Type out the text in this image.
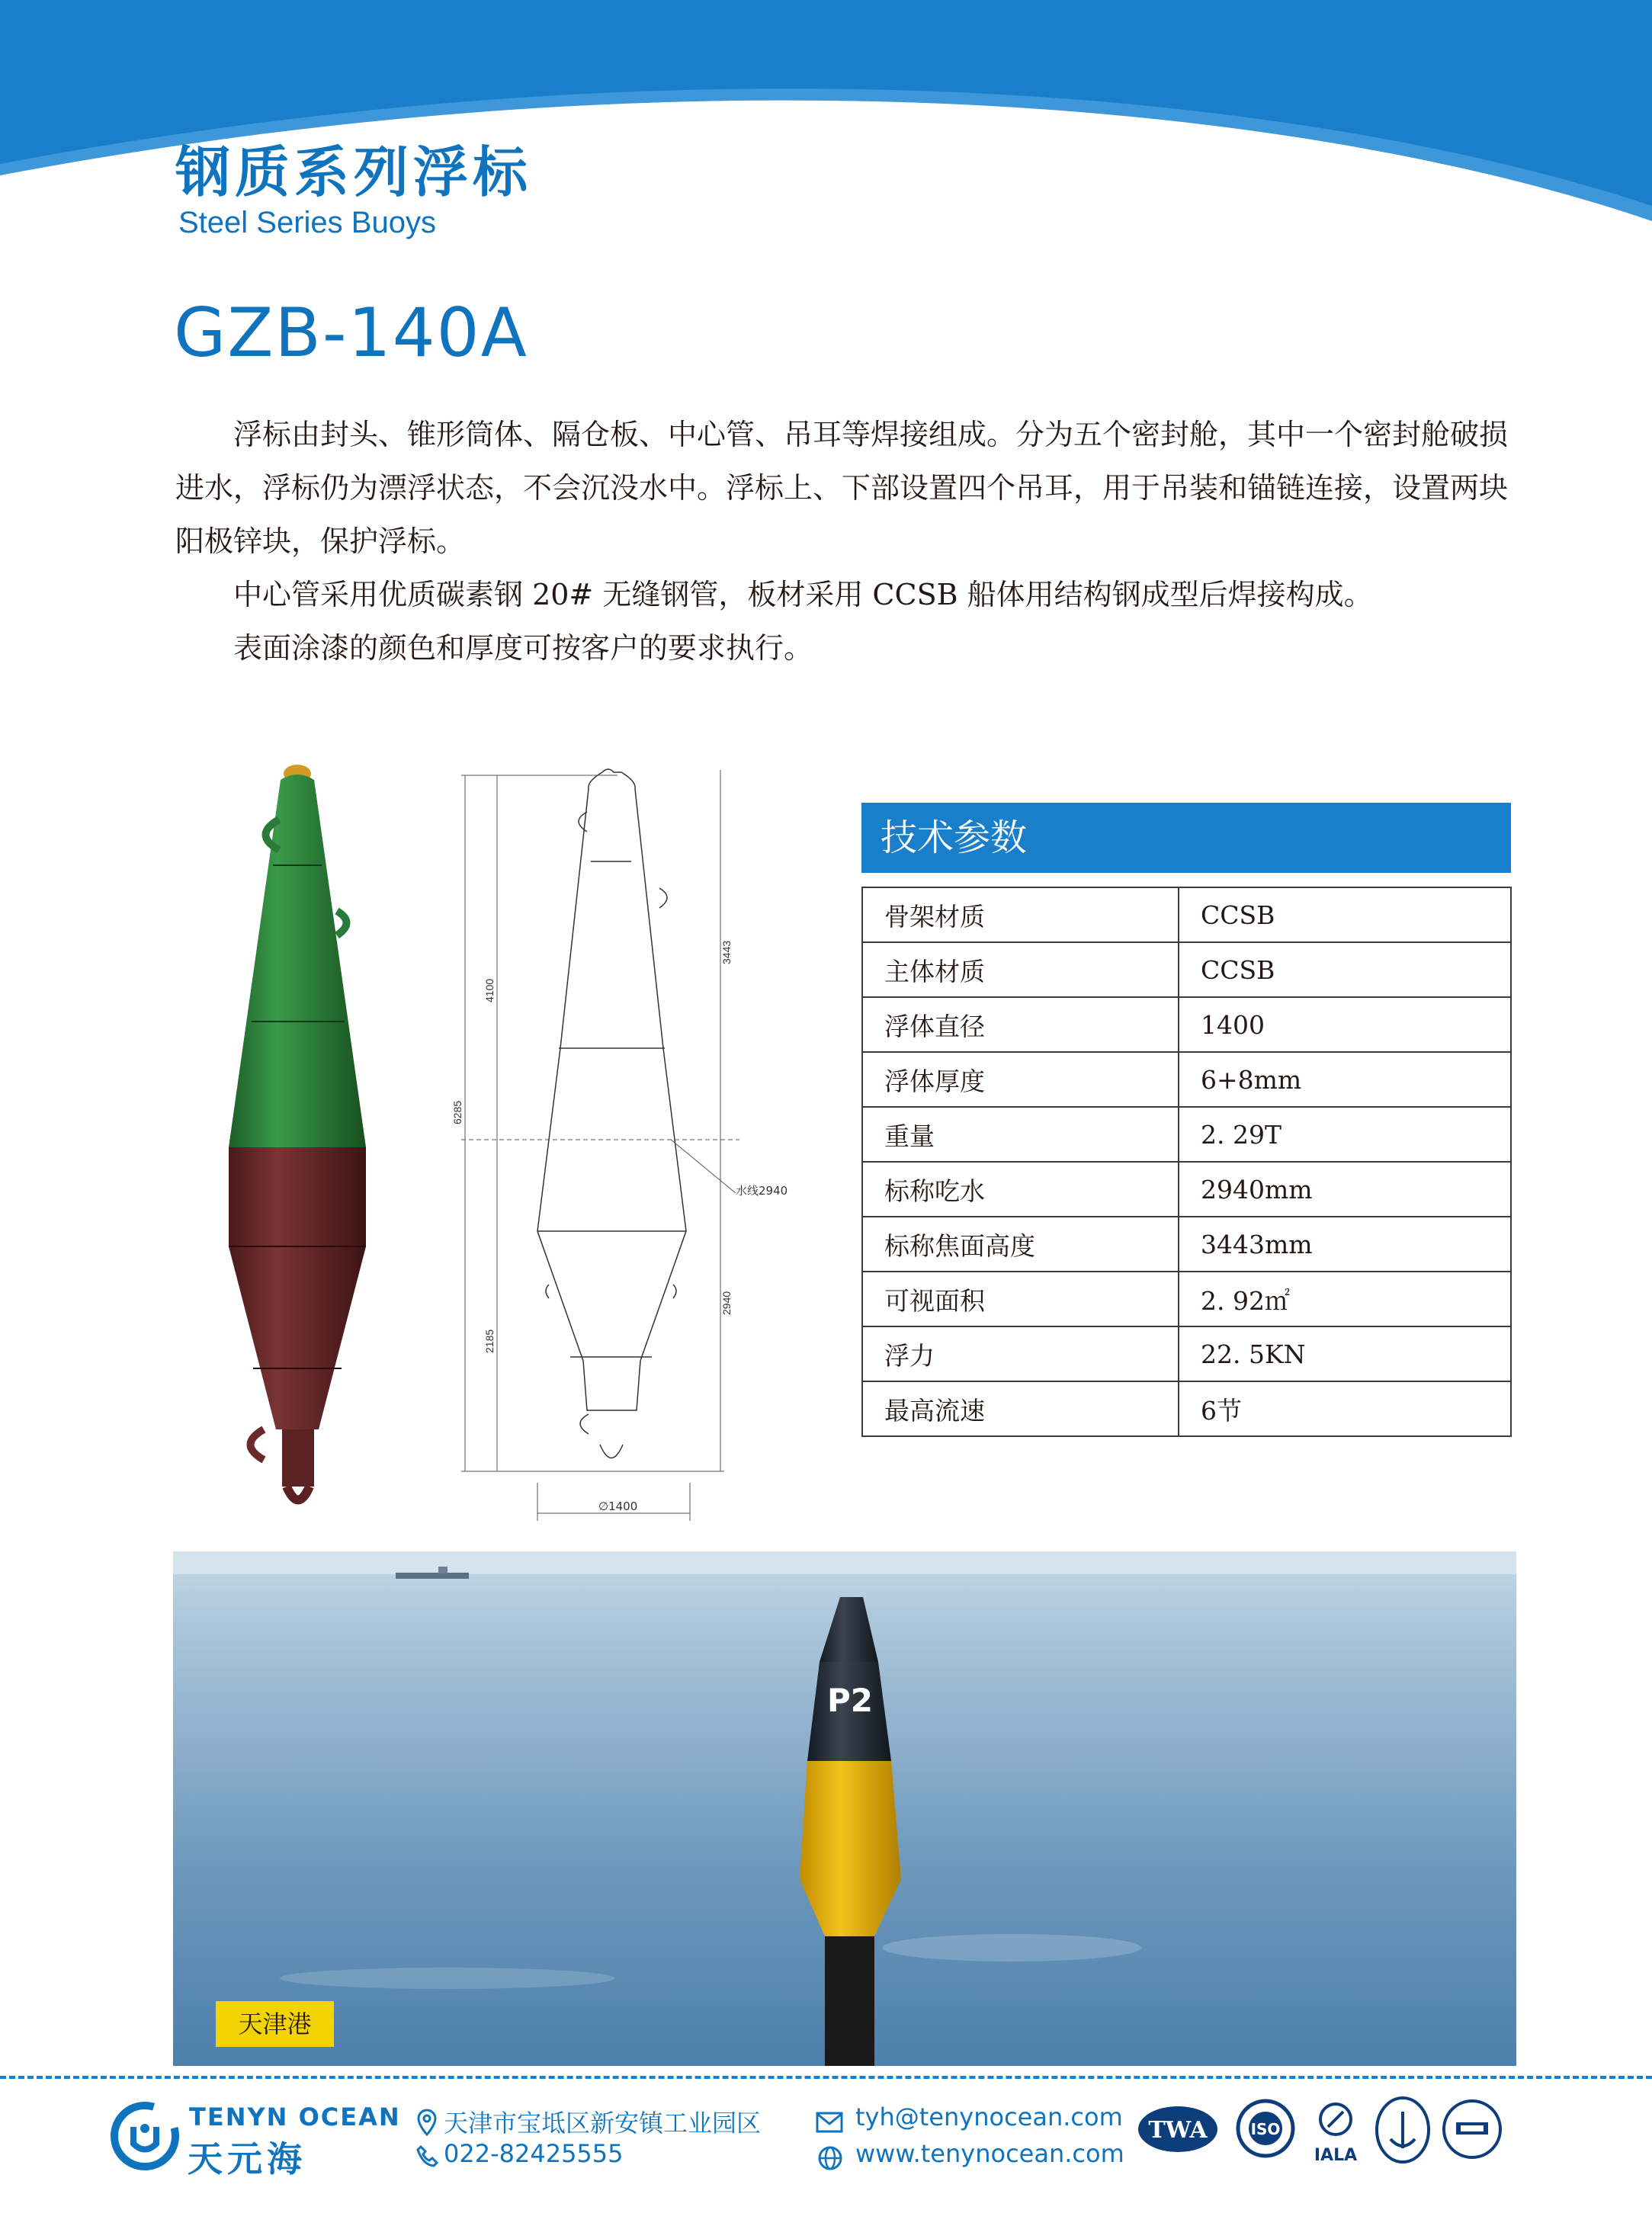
钢质系列浮标
Steel Series Buoys
GZB-140A

浮标由封头、锥形筒体、隔仓板、中心管、吊耳等焊接组成。分为五个密封舱，其中一个密封舱破损进水，浮标仍为漂浮状态，不会沉没水中。浮标上、下部设置四个吊耳，用于吊装和锚链连接，设置两块阳极锌块，保护浮标。

中心管采用优质碳素钢 20# 无缝钢管，板材采用 CCSB 船体用结构钢成型后焊接构成。

表面涂漆的颜色和厚度可按客户的要求执行。

6285
4100
2185
3443
2940
水线2940
∅1400
技术参数
骨架材质	CCSB
主体材质	CCSB
浮体直径	1400
浮体厚度	6+8mm
重量	2. 29T
标称吃水	2940mm
标称焦面高度	3443mm
可视面积	2. 92㎡
浮力	22. 5KN
最高流速	6节
P2
天津港
TENYN OCEAN
天元海
天津市宝坻区新安镇工业园区
022-82425555
tyh@tenynocean.com
www.tenynocean.com
TWA	ISO
IALA
